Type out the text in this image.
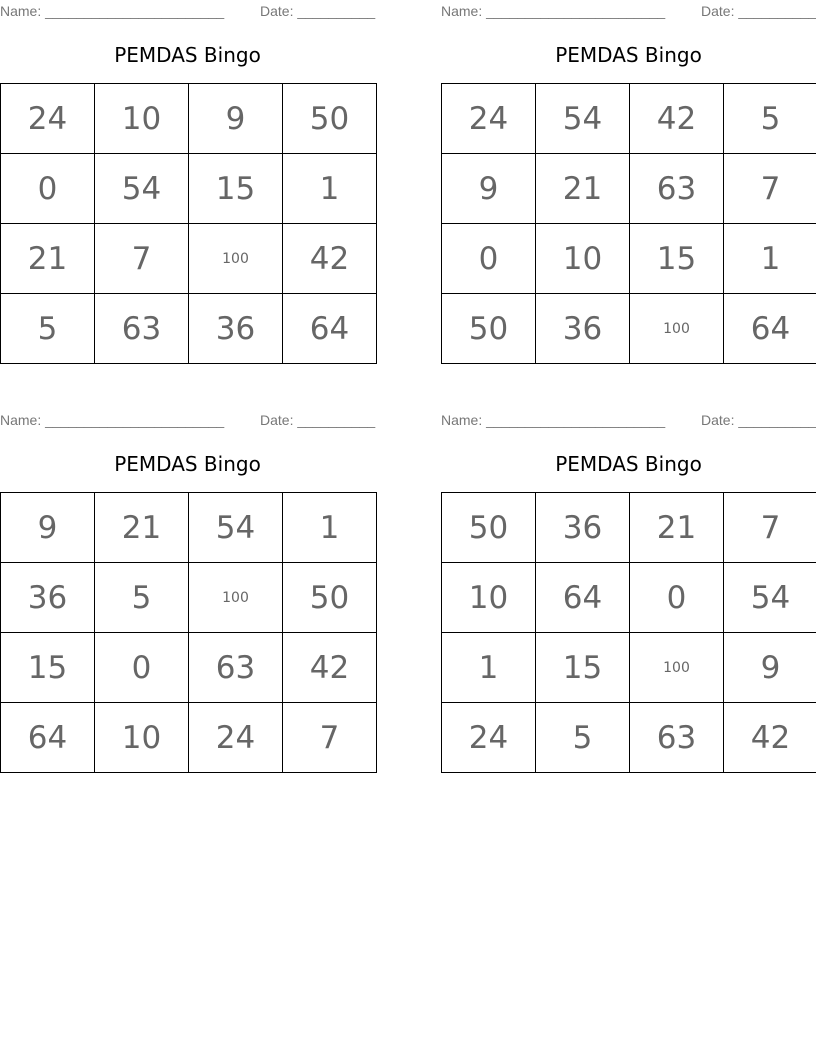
Name: _______________________	Date: __________
PEMDAS Bingo
24	10	9	50
0	54	15	1
21	7	100	42
5	63	36	64
Name: _______________________	Date: __________
PEMDAS Bingo
24	54	42	5
9	21	63	7
0	10	15	1
50	36	100	64
Name: _______________________	Date: __________
PEMDAS Bingo
9	21	54	1
36	5	100	50
15	0	63	42
64	10	24	7
Name: _______________________	Date: __________
PEMDAS Bingo
50	36	21	7
10	64	0	54
1	15	100	9
24	5	63	42
